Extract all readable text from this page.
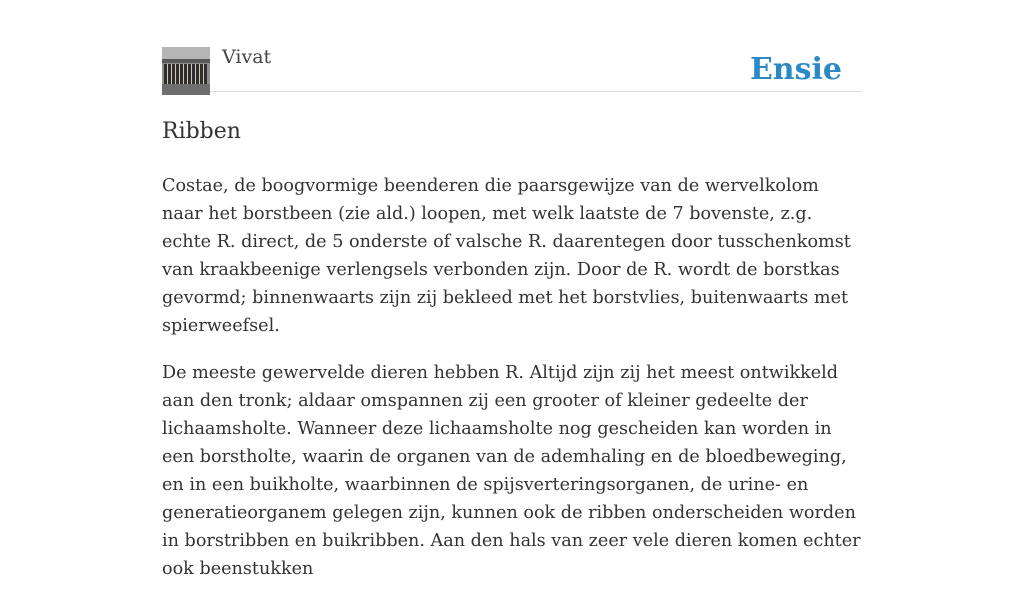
Vivat	Ensie
Ribben

Costae, de boogvormige beenderen die paarsgewijze van de wervelkolom naar het borstbeen (zie ald.) loopen, met welk laatste de 7 bovenste, z.g. echte R. direct, de 5 onderste of valsche R. daarentegen door tusschenkomst van kraakbeenige verlengsels verbonden zijn. Door de R. wordt de borstkas gevormd; binnenwaarts zijn zij bekleed met het borstvlies, buitenwaarts met spierweefsel.

De meeste gewervelde dieren hebben R. Altijd zijn zij het meest ontwikkeld aan den tronk; aldaar omspannen zij een grooter of kleiner gedeelte der lichaamsholte. Wanneer deze lichaamsholte nog gescheiden kan worden in een borstholte, waarin de organen van de ademhaling en de bloedbeweging, en in een buikholte, waarbinnen de spijsverteringsorganen, de urine- en generatieorganem gelegen zijn, kunnen ook de ribben onderscheiden worden in borstribben en buikribben. Aan den hals van zeer vele dieren komen echter ook beenstukken
